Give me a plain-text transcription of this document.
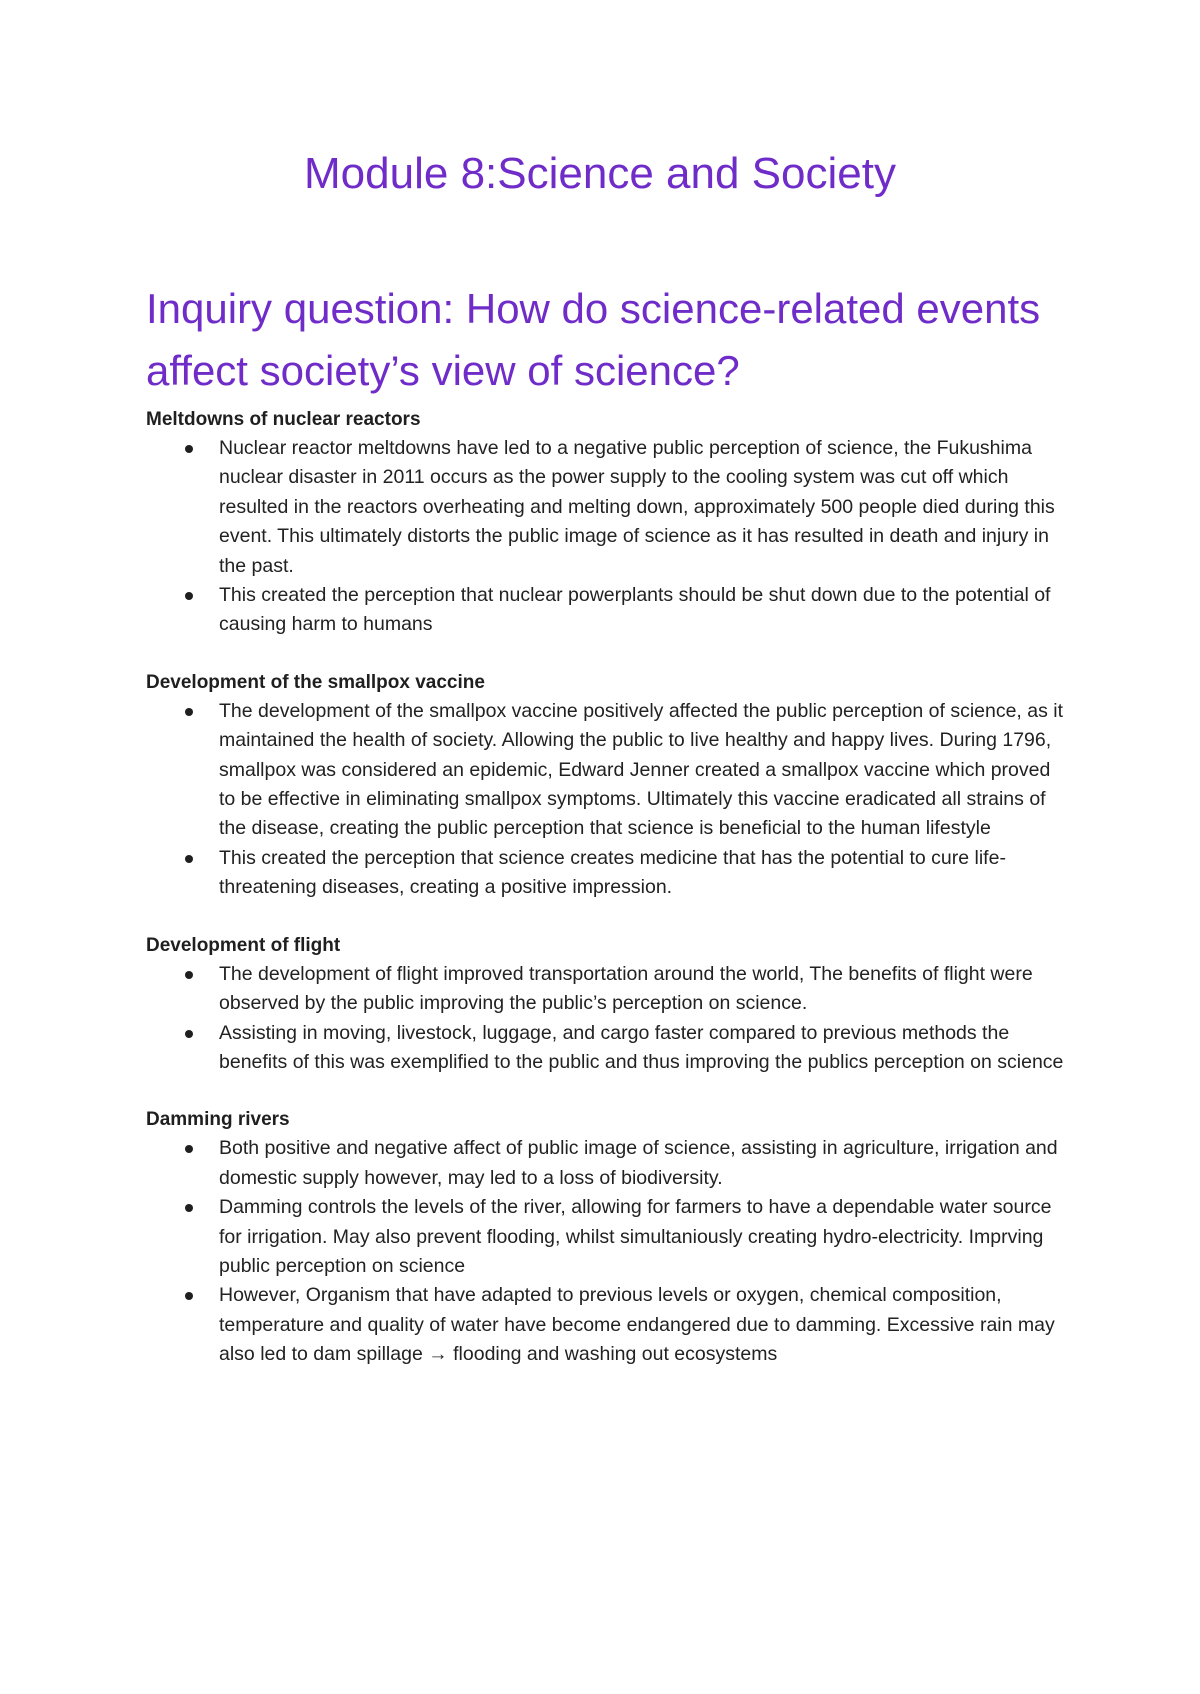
Module 8:Science and Society
Inquiry question: How do science-related events affect society’s view of science?
Meltdowns of nuclear reactors
Nuclear reactor meltdowns have led to a negative public perception of science, the Fukushima nuclear disaster in 2011 occurs as the power supply to the cooling system was cut off which resulted in the reactors overheating and melting down, approximately 500 people died during this event. This ultimately distorts the public image of science as it has resulted in death and injury in the past.
This created the perception that nuclear powerplants should be shut down due to the potential of causing harm to humans
Development of the smallpox vaccine
The development of the smallpox vaccine positively affected the public perception of science, as it maintained the health of society. Allowing the public to live healthy and happy lives. During 1796, smallpox was considered an epidemic, Edward Jenner created a smallpox vaccine which proved to be effective in eliminating smallpox symptoms. Ultimately this vaccine eradicated all strains of the disease, creating the public perception that science is beneficial to the human lifestyle
This created the perception that science creates medicine that has the potential to cure life-threatening diseases, creating a positive impression.
Development of flight
The development of flight improved transportation around the world, The benefits of flight were observed by the public improving the public’s perception on science.
Assisting in moving, livestock, luggage, and cargo faster compared to previous methods the benefits of this was exemplified to the public and thus improving the publics perception on science
Damming rivers
Both positive and negative affect of public image of science, assisting in agriculture, irrigation and domestic supply however, may led to a loss of biodiversity.
Damming controls the levels of the river, allowing for farmers to have a dependable water source for irrigation. May also prevent flooding, whilst simultaniously creating hydro-electricity. Imprving public perception on science
However, Organism that have adapted to previous levels or oxygen, chemical composition, temperature and quality of water have become endangered due to damming. Excessive rain may also led to dam spillage → flooding and washing out ecosystems
